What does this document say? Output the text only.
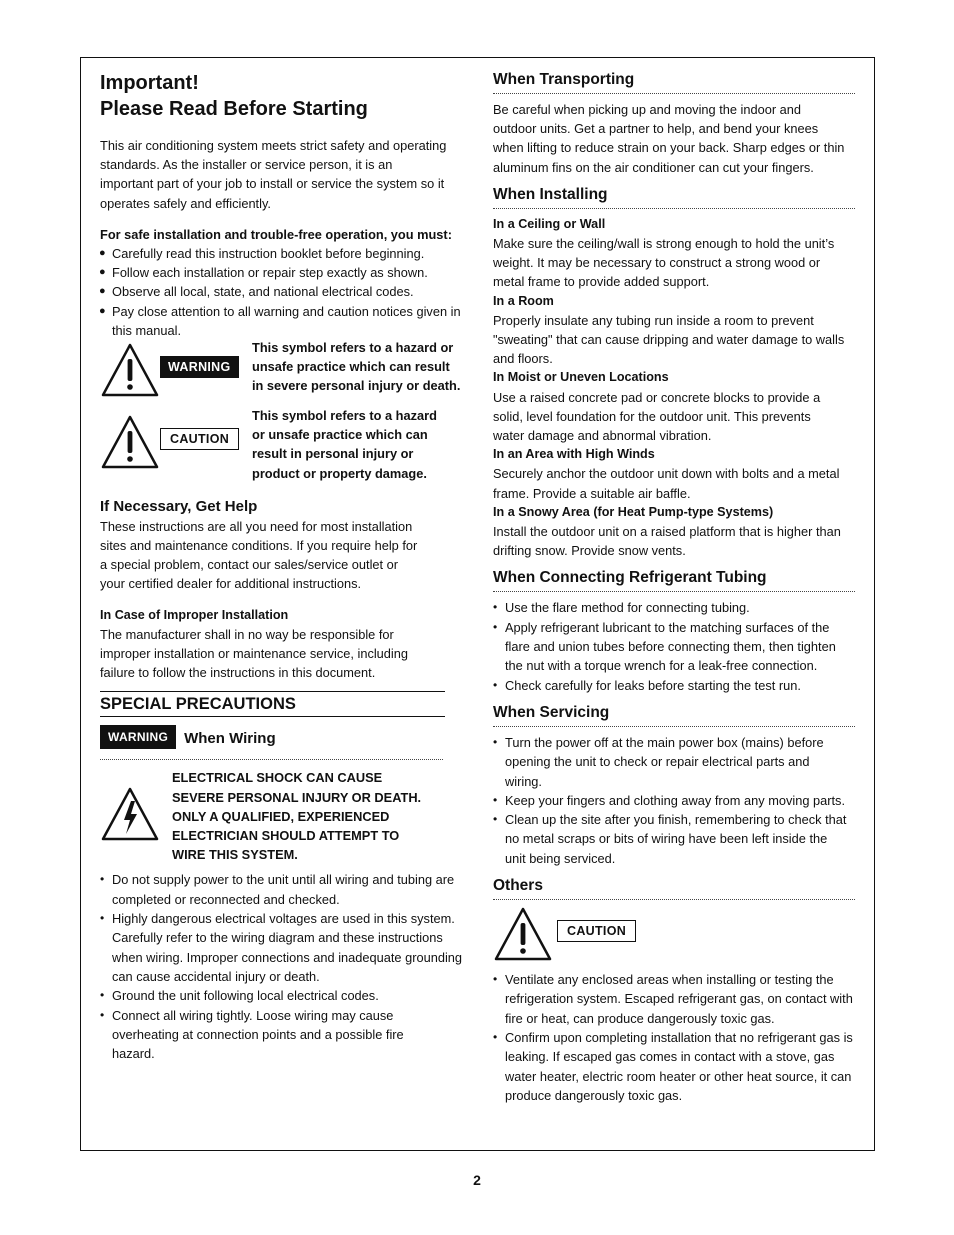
Important!
Please Read Before Starting

This air conditioning system meets strict safety and operating

standards. As the installer or service person, it is an

important part of your job to install or service the system so it

operates safely and efficiently.

For safe installation and trouble-free operation, you must:

● Carefully read this instruction booklet before beginning.
● Follow each installation or repair step exactly as shown.
● Observe all local, state, and national electrical codes.
● Pay close attention to all warning and caution notices given in this manual.
WARNING
This symbol refers to a hazard or
unsafe practice which can result
in severe personal injury or death.
CAUTION
This symbol refers to a hazard
or unsafe practice which can
result in personal injury or
product or property damage.
If Necessary, Get Help

These instructions are all you need for most installation

sites and maintenance conditions. If you require help for

a special problem, contact our sales/service outlet or

your certified dealer for additional instructions.

In Case of Improper Installation

The manufacturer shall in no way be responsible for

improper installation or maintenance service, including

failure to follow the instructions in this document.

SPECIAL PRECAUTIONS
WARNING	When Wiring
ELECTRICAL SHOCK CAN CAUSE
SEVERE PERSONAL INJURY OR DEATH.
ONLY A QUALIFIED, EXPERIENCED
ELECTRICIAN SHOULD ATTEMPT TO
WIRE THIS SYSTEM.
• Do not supply power to the unit until all wiring and tubing are completed or reconnected and checked.
• Highly dangerous electrical voltages are used in this system. Carefully refer to the wiring diagram and these instructions when wiring. Improper connections and inadequate grounding can cause accidental injury or death.
• Ground the unit following local electrical codes.
• Connect all wiring tightly. Loose wiring may cause overheating at connection points and a possible fire hazard.
When Transporting

Be careful when picking up and moving the indoor and

outdoor units. Get a partner to help, and bend your knees

when lifting to reduce strain on your back. Sharp edges or thin

aluminum fins on the air conditioner can cut your fingers.

When Installing

In a Ceiling or Wall

Make sure the ceiling/wall is strong enough to hold the unit’s

weight. It may be necessary to construct a strong wood or

metal frame to provide added support.

In a Room

Properly insulate any tubing run inside a room to prevent

"sweating" that can cause dripping and water damage to walls

and floors.

In Moist or Uneven Locations

Use a raised concrete pad or concrete blocks to provide a

solid, level foundation for the outdoor unit. This prevents

water damage and abnormal vibration.

In an Area with High Winds

Securely anchor the outdoor unit down with bolts and a metal

frame. Provide a suitable air baffle.

In a Snowy Area (for Heat Pump-type Systems)

Install the outdoor unit on a raised platform that is higher than

drifting snow. Provide snow vents.

When Connecting Refrigerant Tubing
• Use the flare method for connecting tubing.
• Apply refrigerant lubricant to the matching surfaces of the flare and union tubes before connecting them, then tighten the nut with a torque wrench for a leak-free connection.
• Check carefully for leaks before starting the test run.
When Servicing
• Turn the power off at the main power box (mains) before opening the unit to check or repair electrical parts and wiring.
• Keep your fingers and clothing away from any moving parts.
• Clean up the site after you finish, remembering to check that no metal scraps or bits of wiring have been left inside the unit being serviced.
Others
CAUTION
• Ventilate any enclosed areas when installing or testing the refrigeration system. Escaped refrigerant gas, on contact with fire or heat, can produce dangerously toxic gas.
• Confirm upon completing installation that no refrigerant gas is leaking. If escaped gas comes in contact with a stove, gas water heater, electric room heater or other heat source, it can produce dangerously toxic gas.
2
